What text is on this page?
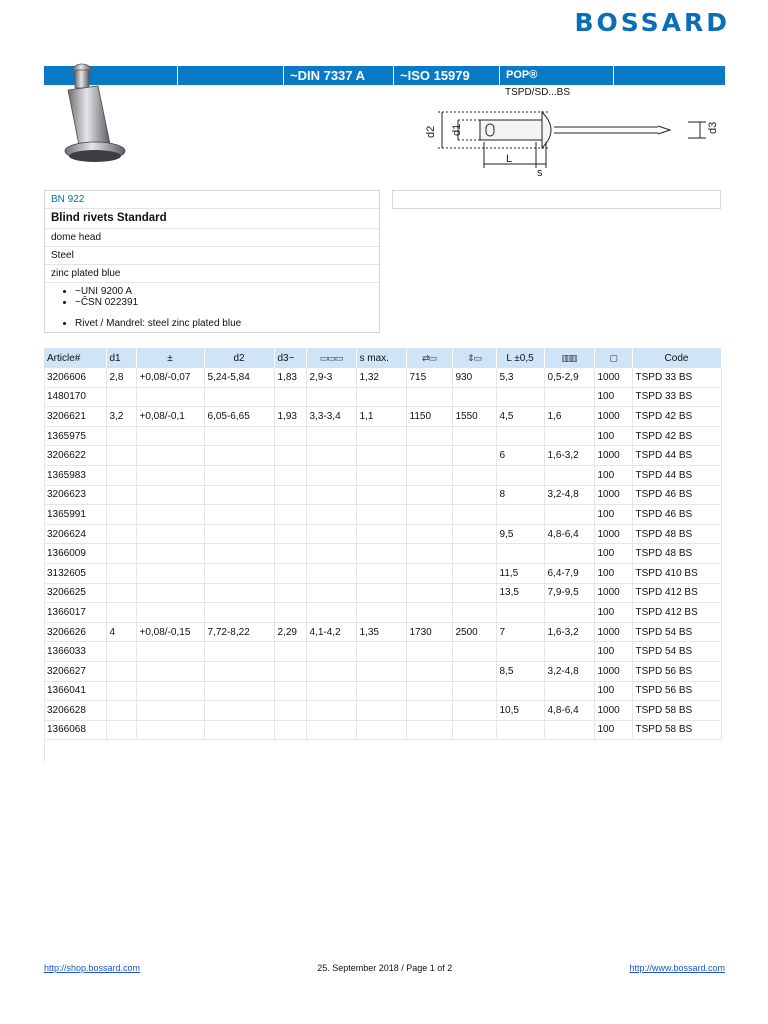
BOSSARD
~DIN 7337 A	~ISO 15979	POP®
TSPD/SD...BS
d2 d1	d3
L
s
BN 922
Blind rivets Standard
dome head
Steel
zinc plated blue
• ~UNI 9200 A
• ~ČSN 022391
• Rivet / Mandrel: steel zinc plated blue
Article#	d1	±	d2	d3~	▭▭▭	s max.	⇄▭	⇕▭	L ±0,5	▥▥	▢	Code
3206606	2,8	+0,08/-0,07	5,24-5,84	1,83	2,9-3	1,32	715	930	5,3	0,5-2,9	1000	TSPD 33 BS
1480170											100	TSPD 33 BS
3206621	3,2	+0,08/-0,1	6,05-6,65	1,93	3,3-3,4	1,1	1150	1550	4,5	1,6	1000	TSPD 42 BS
1365975											100	TSPD 42 BS
3206622									6	1,6-3,2	1000	TSPD 44 BS
1365983											100	TSPD 44 BS
3206623									8	3,2-4,8	1000	TSPD 46 BS
1365991											100	TSPD 46 BS
3206624									9,5	4,8-6,4	1000	TSPD 48 BS
1366009											100	TSPD 48 BS
3132605									11,5	6,4-7,9	100	TSPD 410 BS
3206625									13,5	7,9-9,5	1000	TSPD 412 BS
1366017											100	TSPD 412 BS
3206626	4	+0,08/-0,15	7,72-8,22	2,29	4,1-4,2	1,35	1730	2500	7	1,6-3,2	1000	TSPD 54 BS
1366033											100	TSPD 54 BS
3206627									8,5	3,2-4,8	1000	TSPD 56 BS
1366041											100	TSPD 56 BS
3206628									10,5	4,8-6,4	1000	TSPD 58 BS
1366068											100	TSPD 58 BS
http://shop.bossard.com	25. September 2018 / Page 1 of 2	http://www.bossard.com
